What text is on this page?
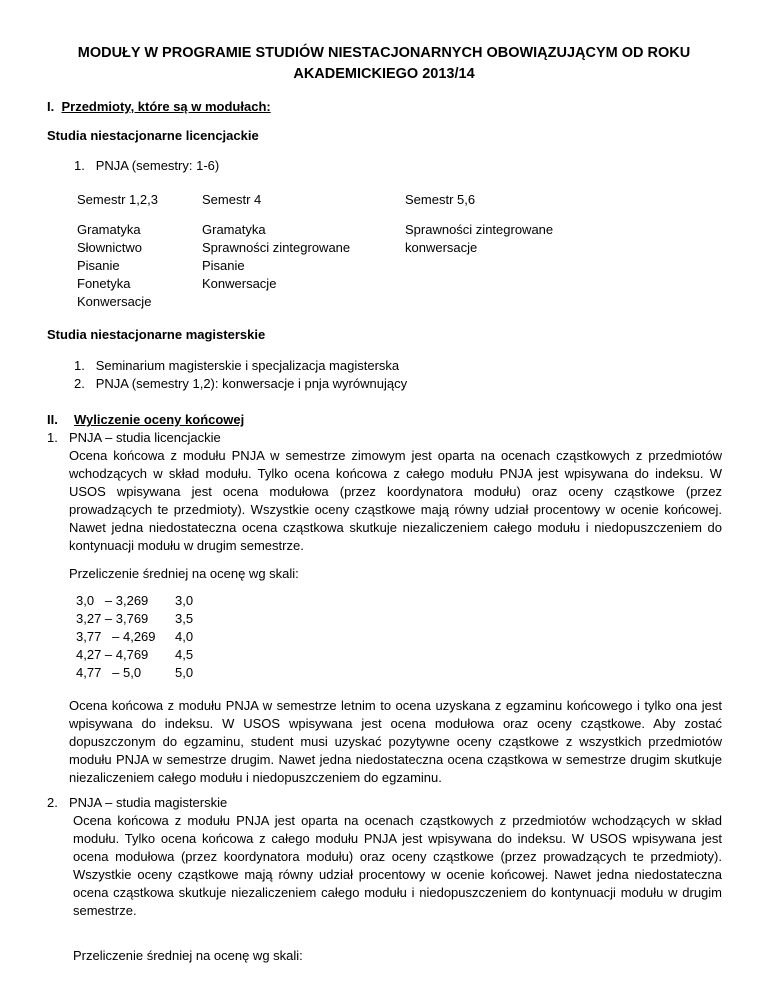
MODUŁY W PROGRAMIE STUDIÓW NIESTACJONARNYCH OBOWIĄZUJĄCYM OD ROKU
AKADEMICKIEGO 2013/14
I. Przedmioty, które są w modułach:
Studia niestacjonarne licencjackie
1. PNJA (semestry: 1-6)
Semestr 1,2,3
Gramatyka
Słownictwo
Pisanie
Fonetyka
Konwersacje
Semestr 4
Gramatyka
Sprawności zintegrowane
Pisanie
Konwersacje
Semestr 5,6
Sprawności zintegrowane
konwersacje
Studia niestacjonarne magisterskie
1. Seminarium magisterskie i specjalizacja magisterska
2. PNJA (semestry 1,2): konwersacje i pnja wyrównujący
II. Wyliczenie oceny końcowej
1. PNJA – studia licencjackie
Ocena końcowa z modułu PNJA w semestrze zimowym jest oparta na ocenach cząstkowych z przedmiotów wchodzących w skład modułu. Tylko ocena końcowa z całego modułu PNJA jest wpisywana do indeksu. W USOS wpisywana jest ocena modułowa (przez koordynatora modułu) oraz oceny cząstkowe (przez prowadzących te przedmioty). Wszystkie oceny cząstkowe mają równy udział procentowy w ocenie końcowej. Nawet jedna niedostateczna ocena cząstkowa skutkuje niezaliczeniem całego modułu i niedopuszczeniem do kontynuacji modułu w drugim semestrze.
Przeliczenie średniej na ocenę wg skali:
3,0   – 3,269
3,27 – 3,769
3,77   – 4,269
4,27 – 4,769
4,77   – 5,0
3,0
3,5
4,0
4,5
5,0
Ocena końcowa z modułu PNJA w semestrze letnim to ocena uzyskana z egzaminu końcowego i tylko ona jest wpisywana do indeksu. W USOS wpisywana jest ocena modułowa oraz oceny cząstkowe. Aby zostać dopuszczonym do egzaminu, student musi uzyskać pozytywne oceny cząstkowe z wszystkich przedmiotów modułu PNJA w semestrze drugim. Nawet jedna niedostateczna ocena cząstkowa w semestrze drugim skutkuje niezaliczeniem całego modułu i niedopuszczeniem do egzaminu.
2. PNJA – studia magisterskie
Ocena końcowa z modułu PNJA jest oparta na ocenach cząstkowych z przedmiotów wchodzących w skład modułu. Tylko ocena końcowa z całego modułu PNJA jest wpisywana do indeksu. W USOS wpisywana jest ocena modułowa (przez koordynatora modułu) oraz oceny cząstkowe (przez prowadzących te przedmioty). Wszystkie oceny cząstkowe mają równy udział procentowy w ocenie końcowej. Nawet jedna niedostateczna ocena cząstkowa skutkuje niezaliczeniem całego modułu i niedopuszczeniem do kontynuacji modułu w drugim semestrze.
Przeliczenie średniej na ocenę wg skali:
